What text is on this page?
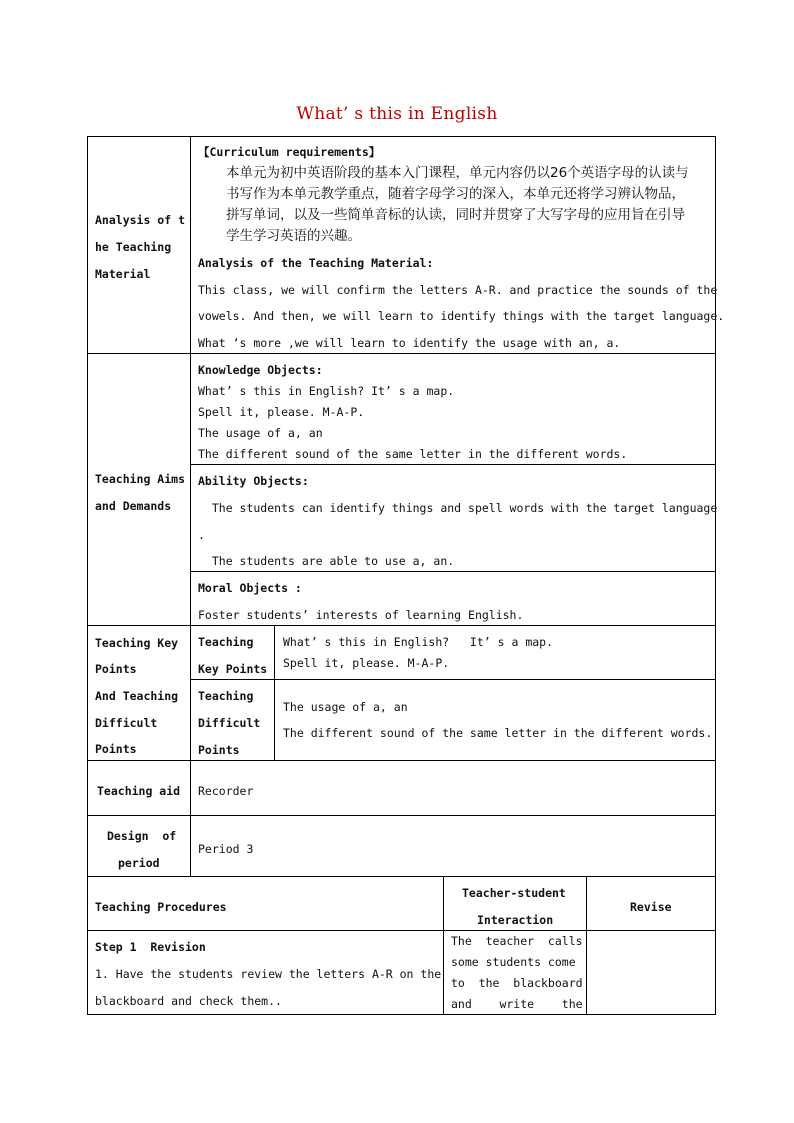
What’ s this in English
Analysis of t
he Teaching
Material
【Curriculum requirements】
本单元为初中英语阶段的基本入门课程，单元内容仍以26个英语字母的认读与
书写作为本单元教学重点，随着字母学习的深入，本单元还将学习辨认物品，
拼写单词，以及一些简单音标的认读，同时并贯穿了大写字母的应用旨在引导
学生学习英语的兴趣。
Analysis of the Teaching Material:
This class, we will confirm the letters A-R. and practice the sounds of the
vowels. And then, we will learn to identify things with the target language.
What ‘s more ,we will learn to identify the usage with an, a.
Teaching Aims
and Demands
Knowledge Objects:
What’ s this in English? It’ s a map.
Spell it, please. M-A-P.
The usage of a, an
The different sound of the same letter in the different words.
Ability Objects:
The students can identify things and spell words with the target language
.
The students are able to use a, an.
Moral Objects :
Foster students’ interests of learning English.
Teaching Key
Points
And Teaching
Difficult
Points
Teaching
Key Points
What’ s this in English?   It’ s a map.
Spell it, please. M-A-P.
Teaching
Difficult
Points
The usage of a, an
The different sound of the same letter in the different words.
Teaching aid Recorder
Design  of
period
Period 3
Teaching Procedures
Teacher-student
Interaction
Revise
Step 1  Revision
1. Have the students review the letters A-R on the
blackboard and check them..
The  teacher  calls
some students come
to  the  blackboard
and    write    the
